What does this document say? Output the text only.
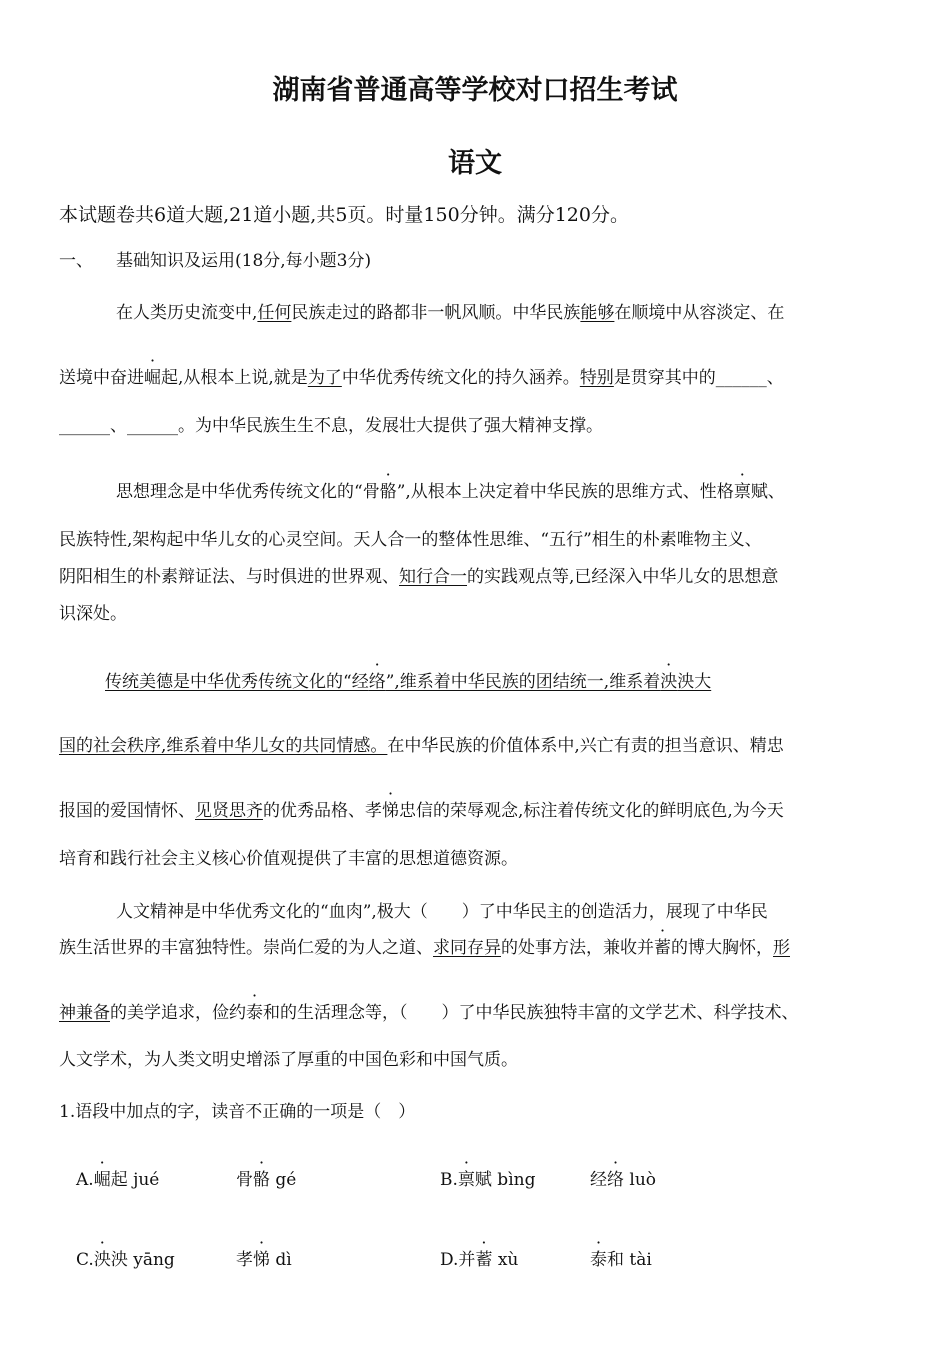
湖南省普通高等学校对口招生考试
语文
本试题卷共6道大题,21道小题,共5页。时量150分钟。满分120分。
一、 基础知识及运用(18分,每小题3分)
在人类历史流变中,任何民族走过的路都非一帆风顺。中华民族能够在顺境中从容淡定、在
送境中奋进崛起,从根本上说,就是为了中华优秀传统文化的持久涵养。特别是贯穿其中的______、
______、______。为中华民族生生不息，发展壮大提供了强大精神支撑。
思想理念是中华优秀传统文化的“骨骼”,从根本上决定着中华民族的思维方式、性格禀赋、
民族特性,架构起中华儿女的心灵空间。天人合一的整体性思维、“五行”相生的朴素唯物主义、
阴阳相生的朴素辩证法、与时俱进的世界观、知行合一的实践观点等,已经深入中华儿女的思想意
识深处。
传统美德是中华优秀传统文化的“经络”,维系着中华民族的团结统一,维系着泱泱大
国的社会秩序,维系着中华儿女的共同情感。在中华民族的价值体系中,兴亡有责的担当意识、精忠
报国的爱国情怀、见贤思齐的优秀品格、孝悌忠信的荣辱观念,标注着传统文化的鲜明底色,为今天
培育和践行社会主义核心价值观提供了丰富的思想道德资源。
人文精神是中华优秀文化的“血肉”,极大（　　）了中华民主的创造活力，展现了中华民
族生活世界的丰富独特性。崇尚仁爱的为人之道、求同存异的处事方法，兼收并蓄的博大胸怀，形
神兼备的美学追求，俭约泰和的生活理念等，（　　）了中华民族独特丰富的文学艺术、科学技术、
人文学术，为人类文明史增添了厚重的中国色彩和中国气质。
1.语段中加点的字，读音不正确的一项是（　）
A.崛起 jué	骨骼 gé	B.禀赋 bìng	经络 luò
C.泱泱 yāng	孝悌 dì	D.并蓄 xù	泰和 tài
